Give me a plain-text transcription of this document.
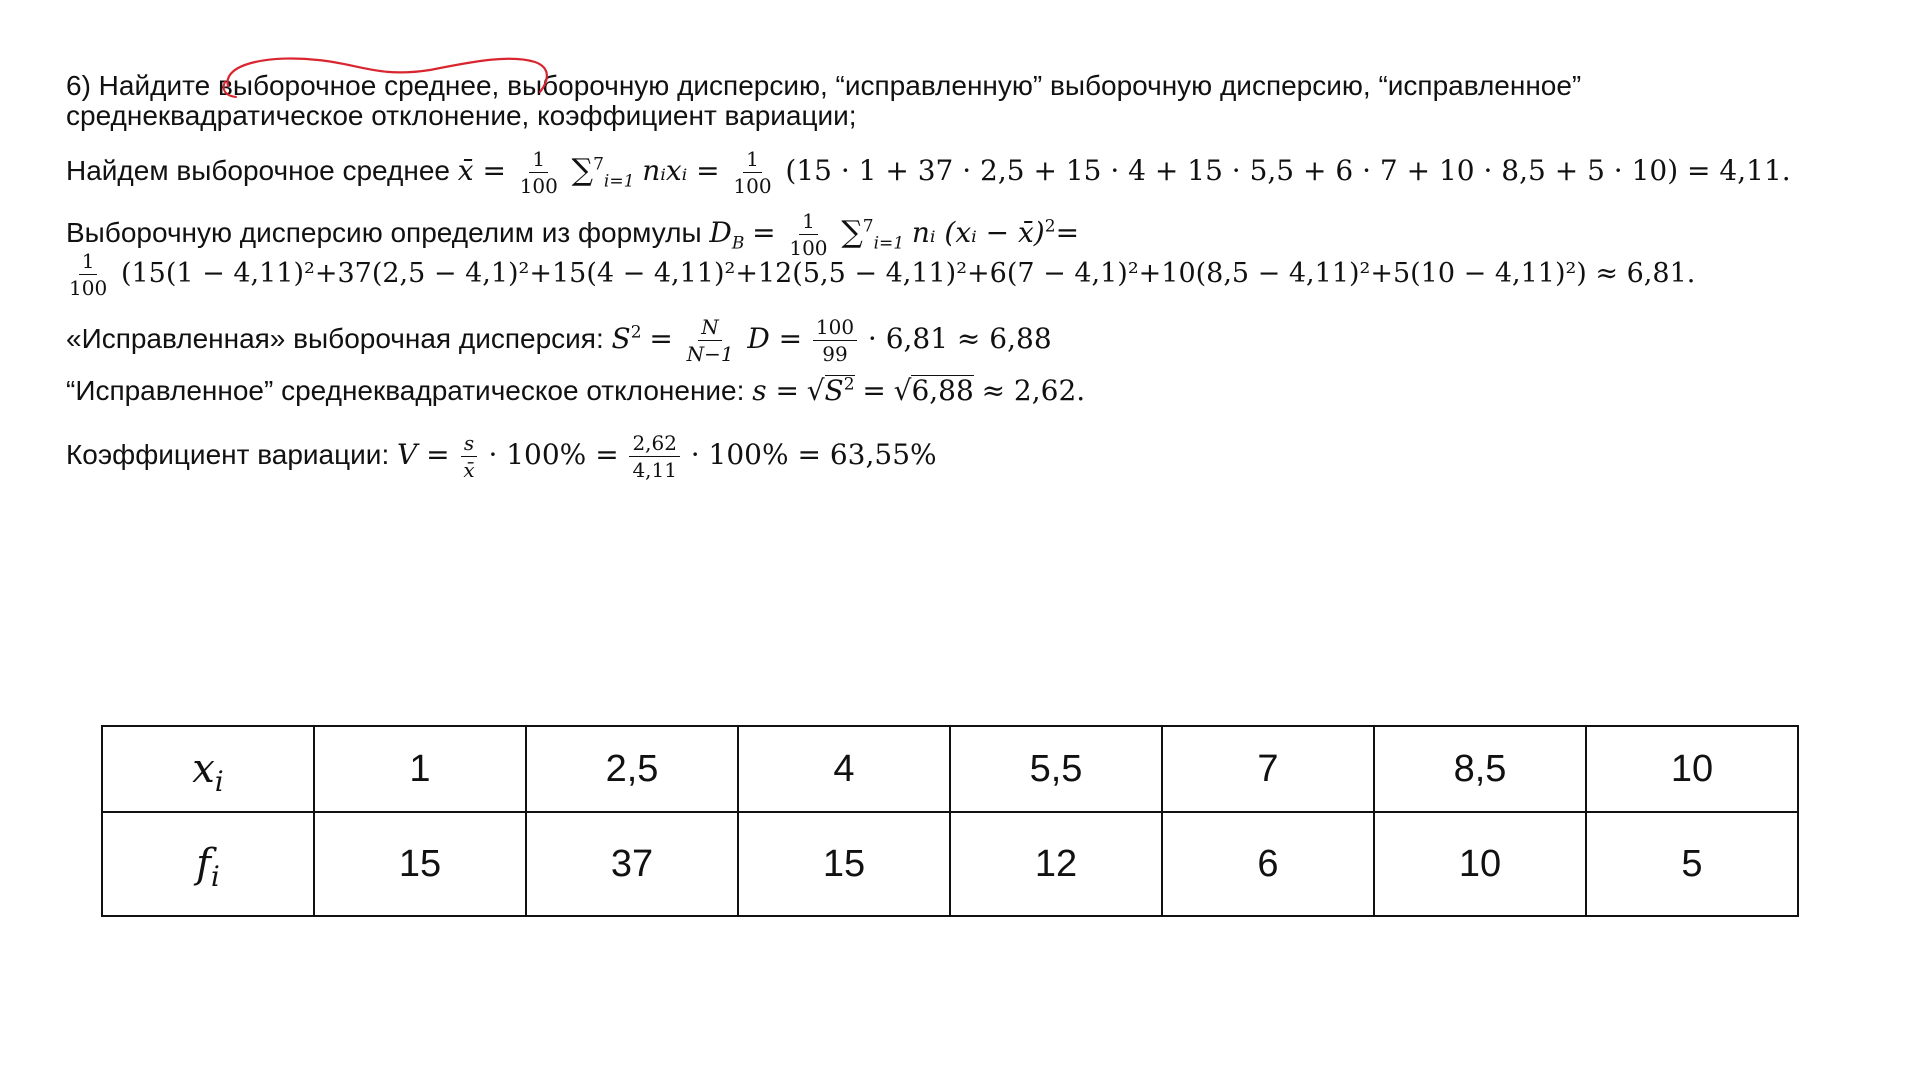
6) Найдите выборочное среднее, выборочную дисперсию, “исправленную” выборочную дисперсию, “исправленное”
среднеквадратическое отклонение, коэффициент вариации;
Найдем выборочное среднее x̄ = $\frac{1}{100} \sum^7_{i=1}$ nᵢxᵢ = $\frac{1}{100} (15 \cdot 1 + 37 \cdot 2,5 + 15 \cdot 4 + 15 \cdot 5,5 + 6 \cdot 7 + 10 \cdot 8,5 + 5 \cdot 10) = 4,11$.
Выборочную дисперсию определим из формулы $D_B = \frac{1}{100} \sum^7_{i=1}$ nᵢ (xᵢ − x̄)$^2$=
$\frac{1}{100} (15(1 - 4,11)^2+37(2,5 - 4,1)^2+15(4 - 4,11)^2+12(5,5 - 4,11)^2+6(7 - 4,1)^2+10(8,5 - 4,11)^2+5(10 - 4,11)^2) \approx 6,81$.
«Исправленная» выборочная дисперсия: $S^2 = \frac{N}{N-1}$ $D = \frac{100}{99} \cdot 6,81 \approx 6,88$
“Исправленное” среднеквадратическое отклонение: $s = √S^2 = √6,88 \approx 2,62$.
Коэффициент вариации: $V = \frac{s}{x̄} \cdot 100\% = \frac{2,62}{4,11} \cdot 100\% = 63,55\%$
$x_i$	1	2,5	4	5,5	7	8,5	10
$f_i$	15	37	15	12	6	10	5
